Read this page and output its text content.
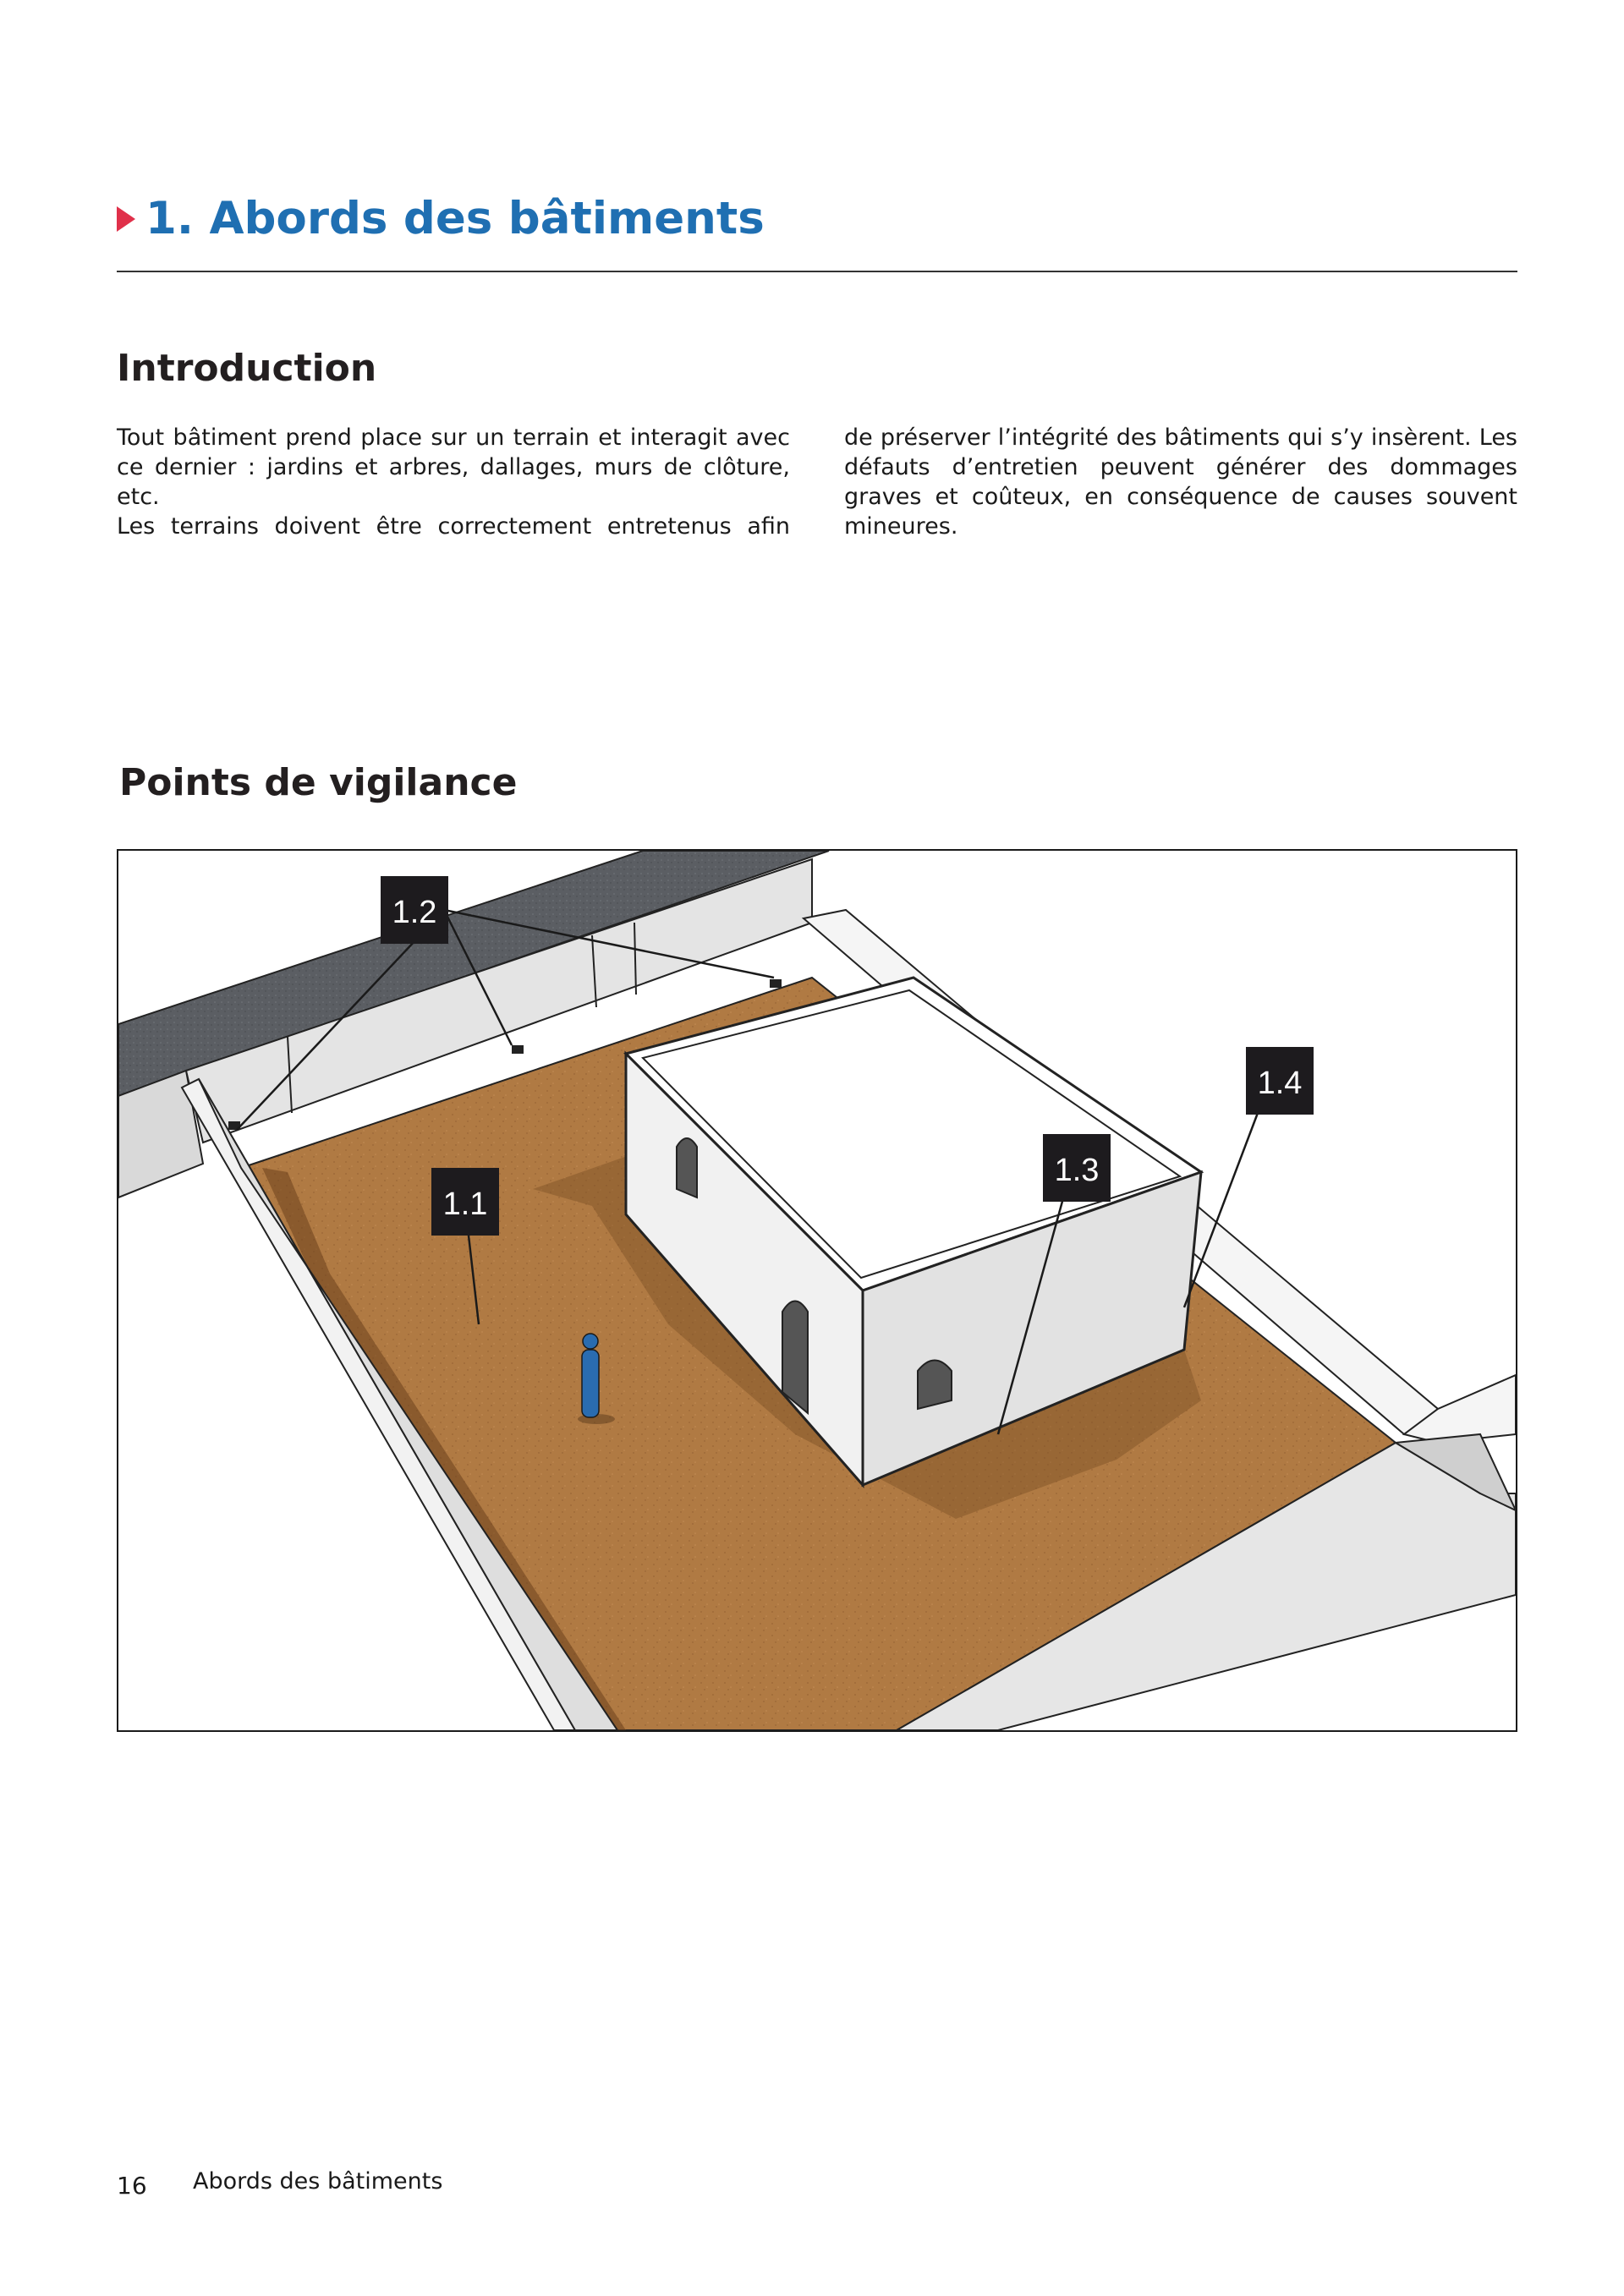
1. Abords des bâtiments
Introduction

Tout bâtiment prend place sur un terrain et interagit avec ce dernier : jardins et arbres, dallages, murs de clôture, etc.

Les terrains doivent être correctement entretenus afin

de préserver l’intégrité des bâtiments qui s’y insèrent. Les défauts d’entretien peuvent générer des dommages graves et coûteux, en conséquence de causes souvent mineures.

Points de vigilance
1.1
1.2
1.3
1.4
16 Abords des bâtiments
